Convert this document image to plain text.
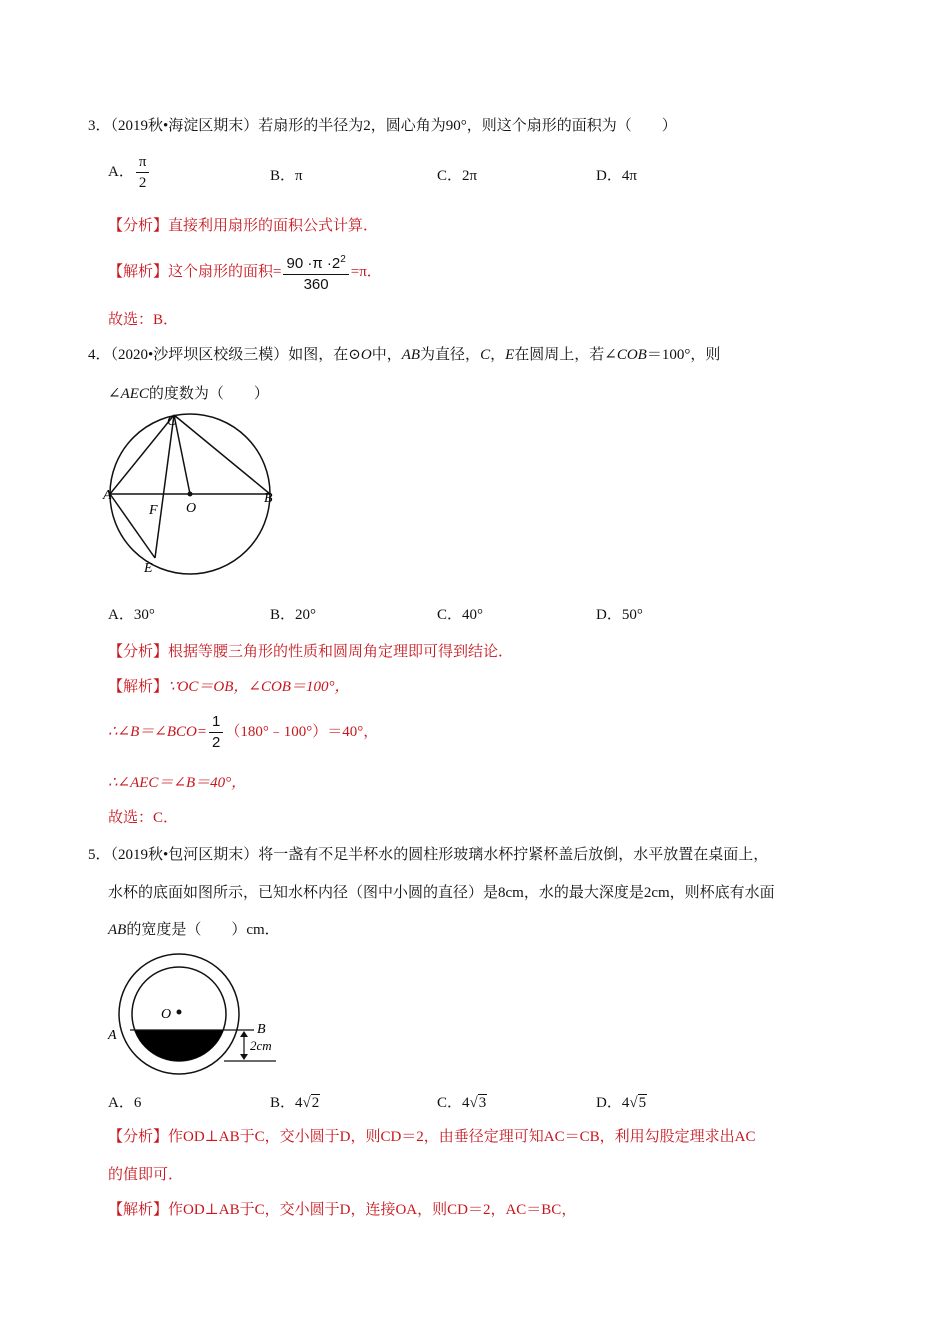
3．（2019秋•海淀区期末）若扇形的半径为2，圆心角为90°，则这个扇形的面积为（　　）
A． $\frac{\pi}{2}$	B．π	C．2π	D．4π
【分析】直接利用扇形的面积公式计算．
【解析】这个扇形的面积= $\frac{90 \cdot\pi \cdot 2^2}{360} =\pi$．
故选：B．
4．（2020•沙坪坝区校级三模）如图，在⊙O中，AB为直径，C，E在圆周上，若∠COB＝100°，则
∠AEC的度数为（　　）
A	B
C
E
F O
A．30°	B．20°	C．40°	D．50°
【分析】根据等腰三角形的性质和圆周角定理即可得到结论．
【解析】∵OC＝OB，∠COB＝100°，
∴∠B＝∠BCO= $\frac{1}{2}$ （180°﹣100°）＝40°，
∴∠AEC＝∠B＝40°，
故选：C．
5．（2019秋•包河区期末）将一盏有不足半杯水的圆柱形玻璃水杯拧紧杯盖后放倒，水平放置在桌面上，
水杯的底面如图所示，已知水杯内径（图中小圆的直径）是8cm，水的最大深度是2cm，则杯底有水面
AB的宽度是（　　）cm．
O
A	B
2cm
A．6	B．4√2	C．4√3	D．4√5
【分析】作OD⊥AB于C，交小圆于D，则CD＝2，由垂径定理可知AC＝CB，利用勾股定理求出AC
的值即可．
【解析】作OD⊥AB于C，交小圆于D，连接OA，则CD＝2，AC＝BC，
